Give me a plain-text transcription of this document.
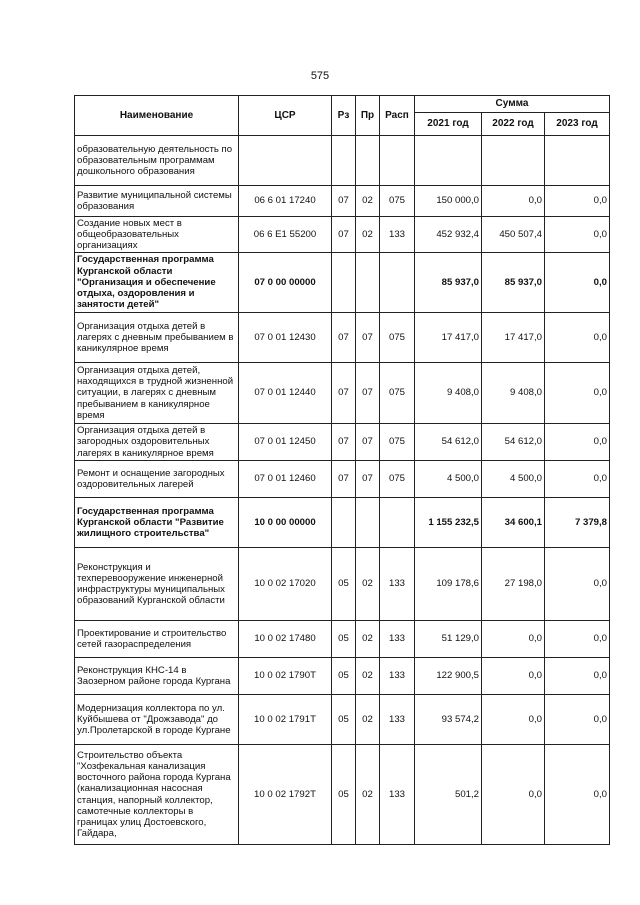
575
Наименование	ЦСР	Рз	Пр	Расп	Сумма		
					2021 год	2022 год	2023 год
образовательную деятельность по образовательным программам дошкольного образования							
Развитие муниципальной системы образования	06 6 01 17240	07	02	075	150 000,0	0,0	0,0
Создание новых мест в общеобразовательных организациях	06 6 E1 55200	07	02	133	452 932,4	450 507,4	0,0
Государственная программа Курганской области "Организация и обеспечение отдыха, оздоровления и занятости детей"	07 0 00 00000				85 937,0	85 937,0	0,0
Организация отдыха детей в лагерях с дневным пребыванием в каникулярное время	07 0 01 12430	07	07	075	17 417,0	17 417,0	0,0
Организация отдыха детей, находящихся в трудной жизненной ситуации, в лагерях с дневным пребыванием в каникулярное время	07 0 01 12440	07	07	075	9 408,0	9 408,0	0,0
Организация отдыха детей в загородных оздоровительных лагерях в каникулярное время	07 0 01 12450	07	07	075	54 612,0	54 612,0	0,0
Ремонт и оснащение загородных оздоровительных лагерей	07 0 01 12460	07	07	075	4 500,0	4 500,0	0,0
Государственная программа Курганской области "Развитие жилищного строительства"	10 0 00 00000				1 155 232,5	34 600,1	7 379,8
Реконструкция и техперевооружение инженерной инфраструктуры муниципальных образований Курганской области	10 0 02 17020	05	02	133	109 178,6	27 198,0	0,0
Проектирование и строительство сетей газораспределения	10 0 02 17480	05	02	133	51 129,0	0,0	0,0
Реконструкция КНС-14 в Заозерном районе города Кургана	10 0 02 1790Т	05	02	133	122 900,5	0,0	0,0
Модернизация коллектора по ул. Куйбышева от "Дрожзавода" до ул.Пролетарской в городе Кургане	10 0 02 1791Т	05	02	133	93 574,2	0,0	0,0
Строительство объекта "Хозфекальная канализация восточного района города Кургана (канализационная насосная станция, напорный коллектор, самотечные коллекторы в границах улиц Достоевского, Гайдара,	10 0 02 1792Т	05	02	133	501,2	0,0	0,0
